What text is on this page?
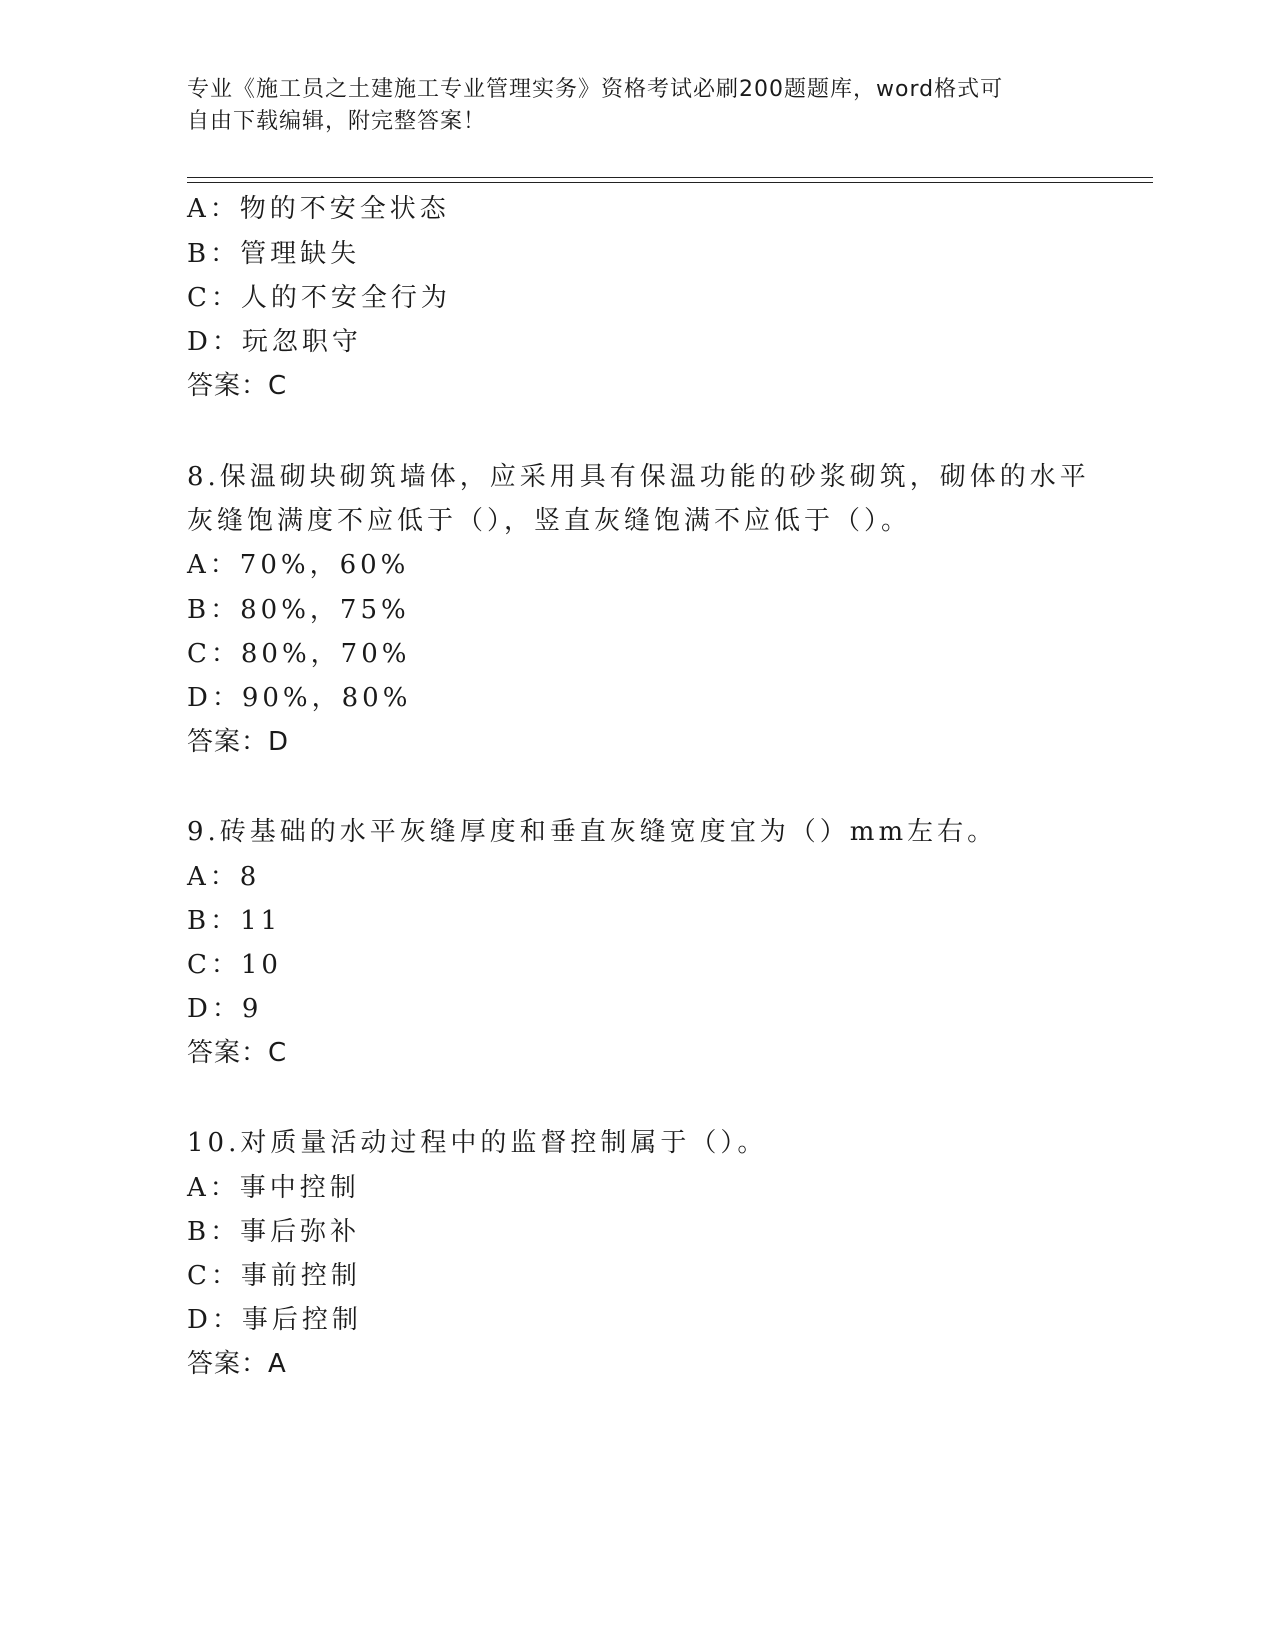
专业《施工员之土建施工专业管理实务》资格考试必刷200题题库，word格式可
自由下载编辑，附完整答案！
A：物的不安全状态
B：管理缺失
C：人的不安全行为
D：玩忽职守
答案：C
8.保温砌块砌筑墙体，应采用具有保温功能的砂浆砌筑，砌体的水平
灰缝饱满度不应低于（），竖直灰缝饱满不应低于（）。
A：70%，60%
B：80%，75%
C：80%，70%
D：90%，80%
答案：D
9.砖基础的水平灰缝厚度和垂直灰缝宽度宜为（）mm左右。
A：8
B：11
C：10
D：9
答案：C
10.对质量活动过程中的监督控制属于（）。
A：事中控制
B：事后弥补
C：事前控制
D：事后控制
答案：A
